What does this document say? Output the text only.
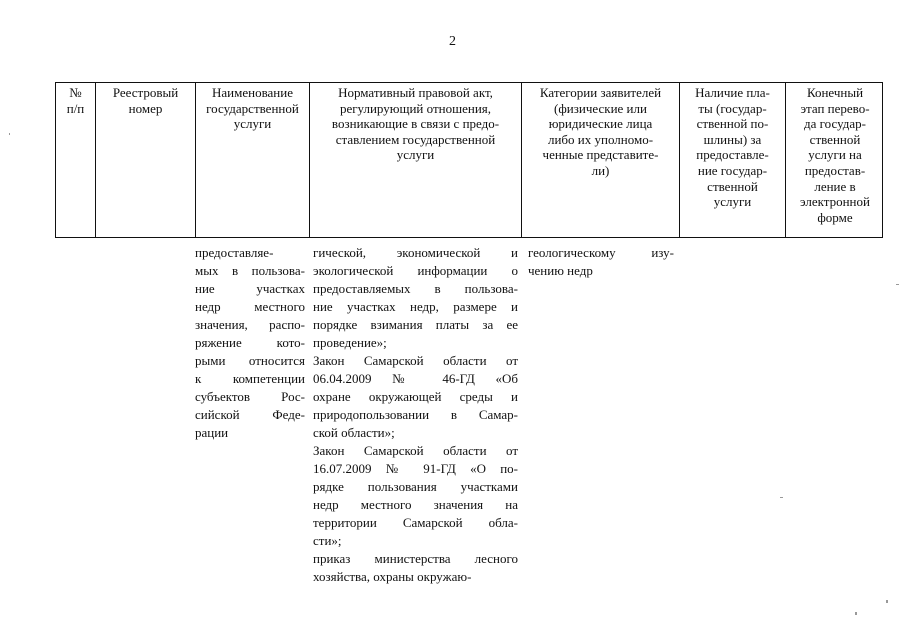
2
№
п/п
Реестровый
номер
Наименование
государственной
услуги
Нормативный правовой акт,
регулирующий отношения,
возникающие в связи с предо-
ставлением государственной
услуги
Категории заявителей
(физические или
юридические лица
либо их уполномо-
ченные представите-
ли)
Наличие пла-
ты (государ-
ственной по-
шлины) за
предоставле-
ние государ-
ственной
услуги
Конечный
этап перево-
да государ-
ственной
услуги на
предостав-
ление в
электронной
форме
предоставляе-
мых в пользова-
ние участках
недр местного
значения, распо-
ряжение кото-
рыми относится
к компетенции
субъектов Рос-
сийской Феде-
рации
гической, экономической и
экологической информации о
предоставляемых в пользова-
ние участках недр, размере и
порядке взимания платы за ее
проведение»;
Закон Самарской области от
06.04.2009 № 46-ГД «Об
охране окружающей среды и
природопользовании в Самар-
ской области»;
Закон Самарской области от
16.07.2009 № 91-ГД «О по-
рядке пользования участками
недр местного значения на
территории Самарской обла-
сти»;
приказ министерства лесного
хозяйства, охраны окружаю-
геологическому изу-
чению недр
